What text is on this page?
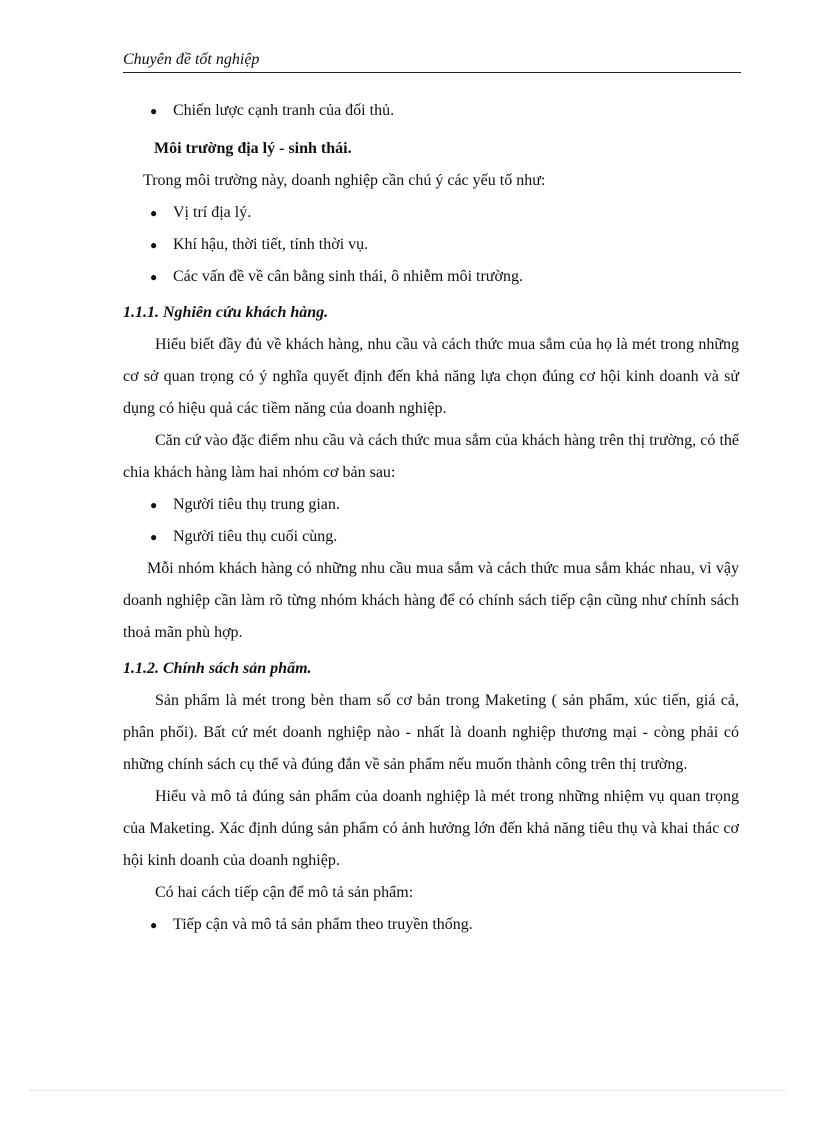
Chuyên đề tốt nghiệp

● Chiến lược cạnh tranh của đối thủ.

Môi trường địa lý - sinh thái.
Trong môi trường này, doanh nghiệp cần chú ý các yếu tố như:

● Vị trí địa lý.

● Khí hậu, thời tiết, tính thời vụ.

● Các vấn đề về cân bằng sinh thái, ô nhiễm môi trường.

1.1.1. Nghiên cứu khách hàng.

Hiểu biết đầy đủ về khách hàng, nhu cầu và cách thức mua sắm của họ là mét trong những cơ sở quan trọng có ý nghĩa quyết định đến khả năng lựa chọn đúng cơ hội kinh doanh và sử dụng có hiệu quả các tiềm năng của doanh nghiệp.

Căn cứ vào đặc điểm nhu cầu và cách thức mua sắm của khách hàng trên thị trường, có thể chia khách hàng làm hai nhóm cơ bản sau:

● Người tiêu thụ trung gian.

● Người tiêu thụ cuối cùng.

Mỗi nhóm khách hàng có những nhu cầu mua sắm và cách thức mua sắm khác nhau, vì vậy doanh nghiệp cần làm rõ từng nhóm khách hàng để có chính sách tiếp cận cũng như chính sách thoả mãn phù hợp.

1.1.2. Chính sách sản phẩm.

Sản phẩm là mét trong bèn tham số cơ bản trong Maketing ( sản phẩm, xúc tiến, giá cả, phân phối). Bất cứ mét doanh nghiệp nào - nhất là doanh nghiệp thương mại - còng phải có những chính sách cụ thể và đúng đắn về sản phẩm nếu muốn thành công trên thị trường.

Hiểu và mô tả đúng sản phẩm của doanh nghiệp là mét trong những nhiệm vụ quan trọng của Maketing. Xác định dúng sản phẩm có ảnh hưởng lớn đến khả năng tiêu thụ và khai thác cơ hội kinh doanh của doanh nghiệp.

Có hai cách tiếp cận để mô tả sản phẩm:

● Tiếp cận và mô tả sản phẩm theo truyền thống.
